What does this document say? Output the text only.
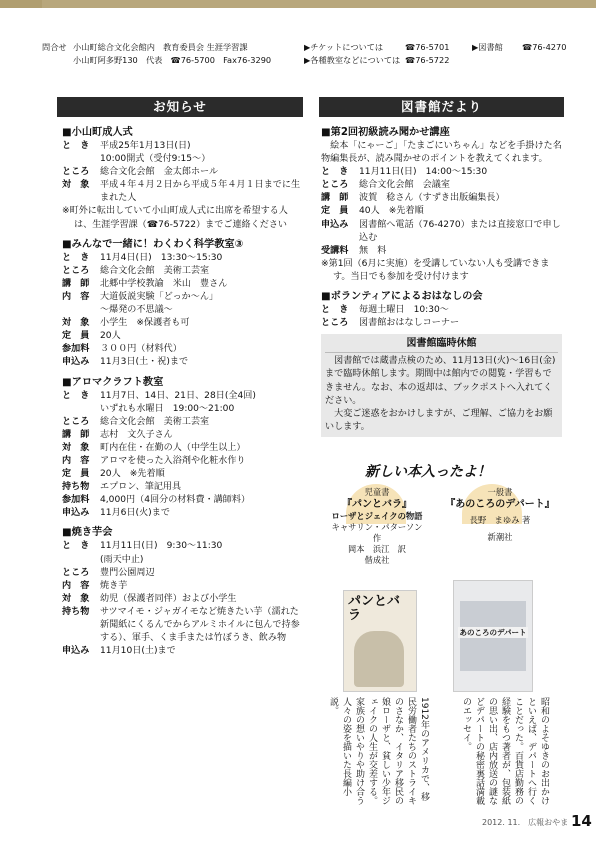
問合せ 小山町総合文化会館内　教育委員会 生涯学習課
小山町阿多野130　代表　☎76-5700　Fax76-3290
▶チケットについては	☎76-5701	▶図書館 ☎76-4270
▶各種教室などについては ☎76-5722
お知らせ	図書館だより
■小山町成人式
と　き	平成25年1月13日(日)
10:00開式（受付9:15～）
ところ	総合文化会館　金太郎ホール
対　象	平成４年４月２日から平成５年４月１日までに生まれた人
※町外に転出していて小山町成人式に出席を希望する人は、生涯学習課（☎76-5722）までご連絡ください
■みんなで一緒に！わくわく科学教室③
と　き	11月4日(日)　13:30～15:30
ところ	総合文化会館　美術工芸室
講　師	北郷中学校教諭　米山　豊さん
内　容	大道仮説実験「どっか～ん」
～爆発の不思議～
対　象	小学生　※保護者も可
定　員	20人
参加料	３００円（材料代）
申込み	11月3日(土・祝)まで
■アロマクラフト教室
と　き	11月7日、14日、21日、28日(全4回)
いずれも水曜日　19:00～21:00
ところ	総合文化会館　美術工芸室
講　師	志村　文久子さん
対　象	町内在住・在勤の人（中学生以上）
内　容	アロマを使った入浴剤や化粧水作り
定　員	20人　※先着順
持ち物	エプロン、筆記用具
参加料	4,000円（4回分の材料費・講師料）
申込み	11月6日(火)まで
■焼き芋会
と　き	11月11日(日)　9:30～11:30
(雨天中止)
ところ	豊門公園周辺
内　容	焼き芋
対　象	幼児（保護者同伴）および小学生
持ち物	サツマイモ・ジャガイモなど焼きたい芋（濡れた新聞紙にくるんでからアルミホイルに包んで持参する）、軍手、くま手または竹ぼうき、飲み物
申込み	11月10日(土)まで
■第2回初級読み聞かせ講座
絵本「にゃーご」「たまごにいちゃん」などを手掛けた名物編集長が、読み聞かせのポイントを教えてくれます。
と　き	11月11日(日)　14:00～15:30
ところ	総合文化会館　会議室
講　師	波賀　稔さん（すずき出版編集長）
定　員	40人　※先着順
申込み	図書館へ電話（76-4270）または直接窓口で申し込む
受講料	無　料
※第1回（6月に実施）を受講していない人も受講できます。当日でも参加を受け付けます
■ボランティアによるおはなしの会
と　き	毎週土曜日　10:30～
ところ	図書館おはなしコーナー
図書館臨時休館
図書館では蔵書点検のため、11月13日(火)～16日(金)まで臨時休館します。期間中は館内での閲覧・学習もできません。なお、本の返却は、ブックポストへ入れてください。
大変ご迷惑をおかけしますが、ご理解、ご協力をお願いします。
新しい本入ったよ！
児童書
『パンとバラ』
ローザとジェイクの物語
キャサリン・パターソン 作
岡本　浜江　訳
偕成社
一般書
『あのころのデパート』
長野　まゆみ 著
新潮社
パンとバラ
あのころのデパート
1912年のアメリカで、移民労働者たちのストライキのさなか、イタリア移民の娘ローザと、貧しい少年ジェイクの人生が交差する。家族の想いやりや助け合う人々の姿を描いた長編小説。	昭和のよそゆきのお出かけといえば、デパートへ行くことだった。百貨店勤務の経験をもつ著者が、包装紙の思い出、店内放送の謎などデパートの秘密裏話満載のエッセイ。
2012. 11.　広報おやま 14
